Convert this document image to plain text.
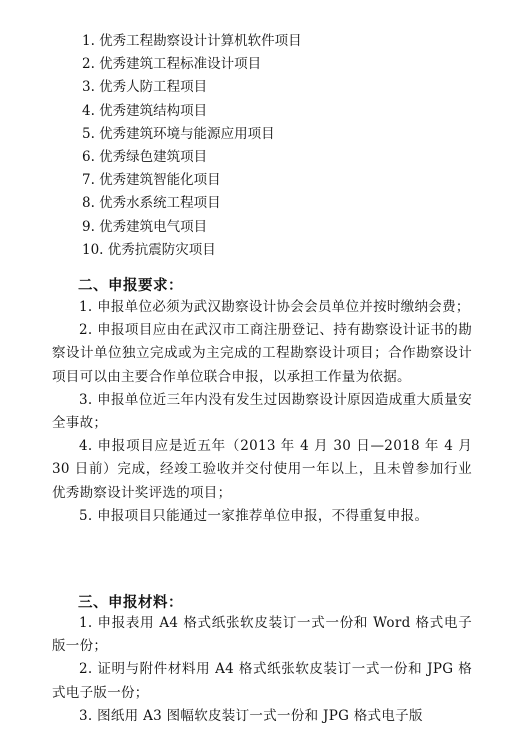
1. 优秀工程勘察设计计算机软件项目
2. 优秀建筑工程标准设计项目
3. 优秀人防工程项目
4. 优秀建筑结构项目
5. 优秀建筑环境与能源应用项目
6. 优秀绿色建筑项目
7. 优秀建筑智能化项目
8. 优秀水系统工程项目
9. 优秀建筑电气项目
10. 优秀抗震防灾项目
二、申报要求：

1. 申报单位必须为武汉勘察设计协会会员单位并按时缴纳会费；

2. 申报项目应由在武汉市工商注册登记、持有勘察设计证书的勘察设计单位独立完成或为主完成的工程勘察设计项目；合作勘察设计项目可以由主要合作单位联合申报，以承担工作量为依据。

3. 申报单位近三年内没有发生过因勘察设计原因造成重大质量安全事故；

4. 申报项目应是近五年（2013 年 4 月 30 日—2018 年 4 月 30 日前）完成，经竣工验收并交付使用一年以上，且未曾参加行业优秀勘察设计奖评选的项目；

5. 申报项目只能通过一家推荐单位申报，不得重复申报。

三、申报材料：

1. 申报表用 A4 格式纸张软皮装订一式一份和 Word 格式电子版一份；

2. 证明与附件材料用 A4 格式纸张软皮装订一式一份和 JPG 格式电子版一份；

3. 图纸用 A3 图幅软皮装订一式一份和 JPG 格式电子版
